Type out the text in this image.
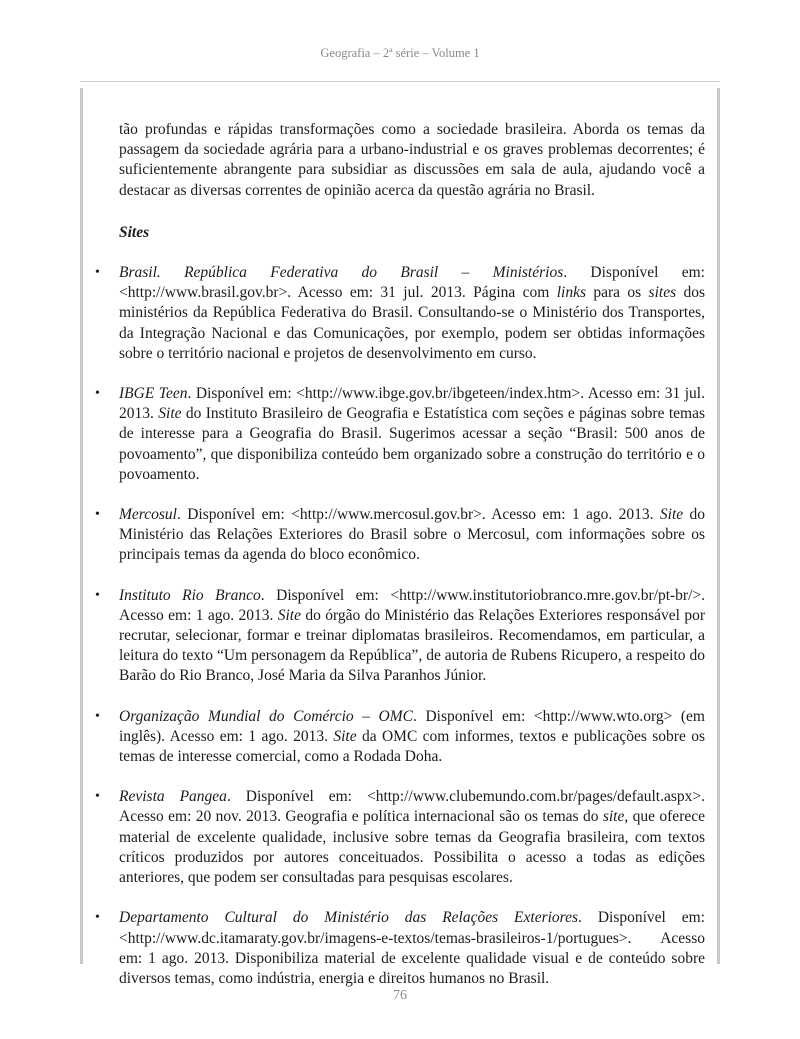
Geografia – 2ª série – Volume 1

tão profundas e rápidas transformações como a sociedade brasileira. Aborda os temas da passagem da sociedade agrária para a urbano-industrial e os graves problemas decorrentes; é suficientemente abrangente para subsidiar as discussões em sala de aula, ajudando você a destacar as diversas correntes de opinião acerca da questão agrária no Brasil.

Sites

• Brasil. República Federativa do Brasil – Ministérios. Disponível em: <http://www.brasil.gov.br>. Acesso em: 31 jul. 2013. Página com links para os sites dos ministérios da República Federativa do Brasil. Consultando-se o Ministério dos Transportes, da Integração Nacional e das Comunicações, por exemplo, podem ser obtidas informações sobre o território nacional e projetos de desenvolvimento em curso.

• IBGE Teen. Disponível em: <http://www.ibge.gov.br/ibgeteen/index.htm>. Acesso em: 31 jul. 2013. Site do Instituto Brasileiro de Geografia e Estatística com seções e páginas sobre temas de interesse para a Geografia do Brasil. Sugerimos acessar a seção “Brasil: 500 anos de povoamento”, que disponibiliza conteúdo bem organizado sobre a construção do território e o povoamento.

• Mercosul. Disponível em: <http://www.mercosul.gov.br>. Acesso em: 1 ago. 2013. Site do Ministério das Relações Exteriores do Brasil sobre o Mercosul, com informações sobre os principais temas da agenda do bloco econômico.

• Instituto Rio Branco. Disponível em: <http://www.institutoriobranco.mre.gov.br/pt-br/>. Acesso em: 1 ago. 2013. Site do órgão do Ministério das Relações Exteriores responsável por recrutar, selecionar, formar e treinar diplomatas brasileiros. Recomendamos, em particular, a leitura do texto “Um personagem da República”, de autoria de Rubens Ricupero, a respeito do Barão do Rio Branco, José Maria da Silva Paranhos Júnior.

• Organização Mundial do Comércio – OMC. Disponível em: <http://www.wto.org> (em inglês). Acesso em: 1 ago. 2013. Site da OMC com informes, textos e publicações sobre os temas de interesse comercial, como a Rodada Doha.

• Revista Pangea. Disponível em: <http://www.clubemundo.com.br/pages/default.aspx>. Acesso em: 20 nov. 2013. Geografia e política internacional são os temas do site, que oferece material de excelente qualidade, inclusive sobre temas da Geografia brasileira, com textos críticos produzidos por autores conceituados. Possibilita o acesso a todas as edições anteriores, que podem ser consultadas para pesquisas escolares.

• Departamento Cultural do Ministério das Relações Exteriores. Disponível em: <http://www.dc.itamaraty.gov.br/imagens-e-textos/temas-brasileiros-1/portugues>. Acesso em: 1 ago. 2013. Disponibiliza material de excelente qualidade visual e de conteúdo sobre diversos temas, como indústria, energia e direitos humanos no Brasil.

76
